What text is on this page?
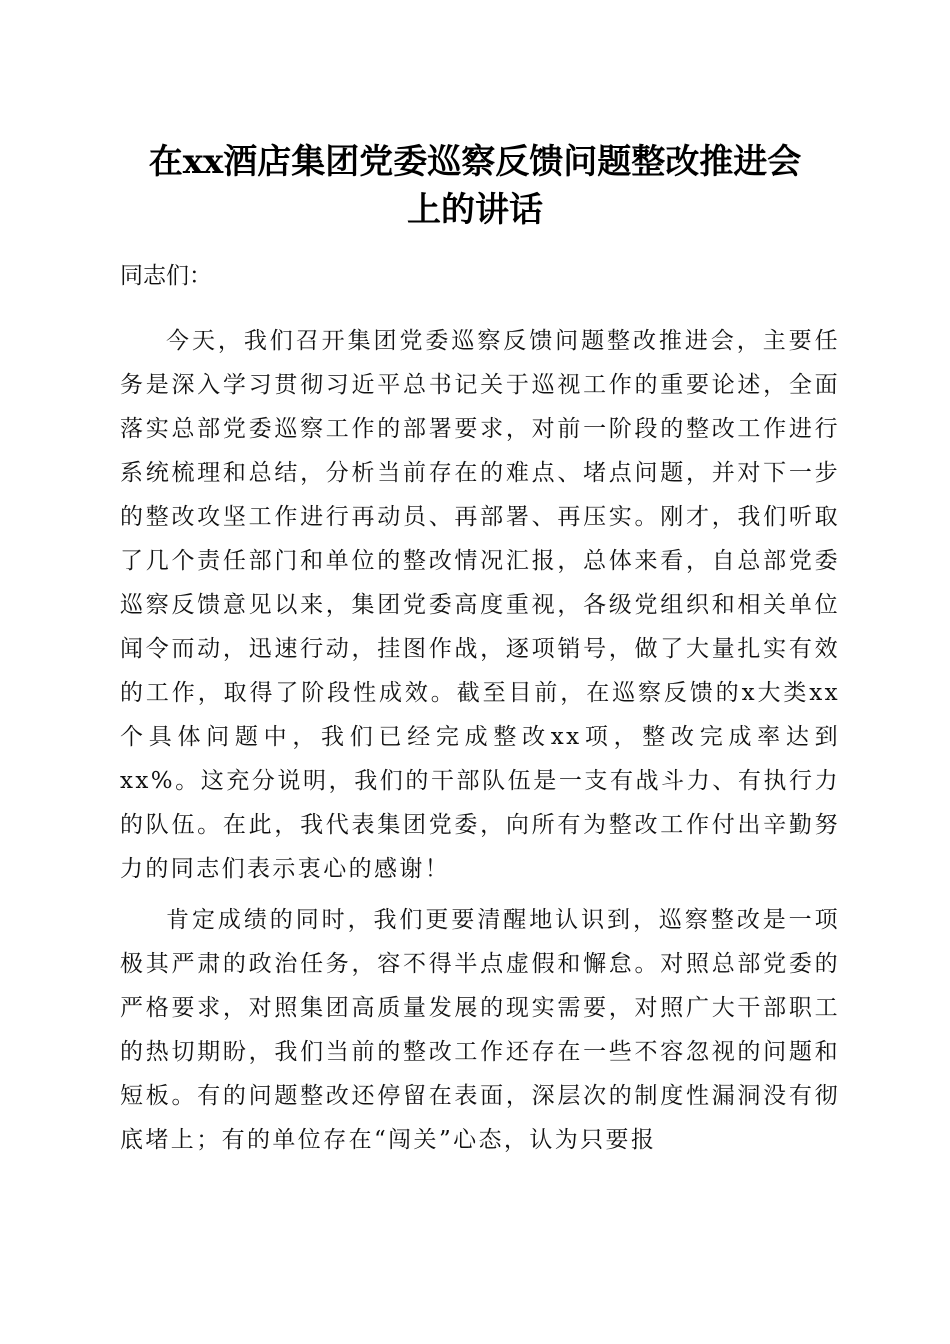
在xx酒店集团党委巡察反馈问题整改推进会
上的讲话
同志们：
今天，我们召开集团党委巡察反馈问题整改推进会，主要任务是深入学习贯彻习近平总书记关于巡视工作的重要论述，全面落实总部党委巡察工作的部署要求，对前一阶段的整改工作进行系统梳理和总结，分析当前存在的难点、堵点问题，并对下一步的整改攻坚工作进行再动员、再部署、再压实。刚才，我们听取了几个责任部门和单位的整改情况汇报，总体来看，自总部党委巡察反馈意见以来，集团党委高度重视，各级党组织和相关单位闻令而动，迅速行动，挂图作战，逐项销号，做了大量扎实有效的工作，取得了阶段性成效。截至目前，在巡察反馈的x大类xx个具体问题中，我们已经完成整改xx项，整改完成率达到xx%。这充分说明，我们的干部队伍是一支有战斗力、有执行力的队伍。在此，我代表集团党委，向所有为整改工作付出辛勤努力的同志们表示衷心的感谢！
肯定成绩的同时，我们更要清醒地认识到，巡察整改是一项极其严肃的政治任务，容不得半点虚假和懈怠。对照总部党委的严格要求，对照集团高质量发展的现实需要，对照广大干部职工的热切期盼，我们当前的整改工作还存在一些不容忽视的问题和短板。有的问题整改还停留在表面，深层次的制度性漏洞没有彻底堵上；有的单位存在“闯关”心态，认为只要报
